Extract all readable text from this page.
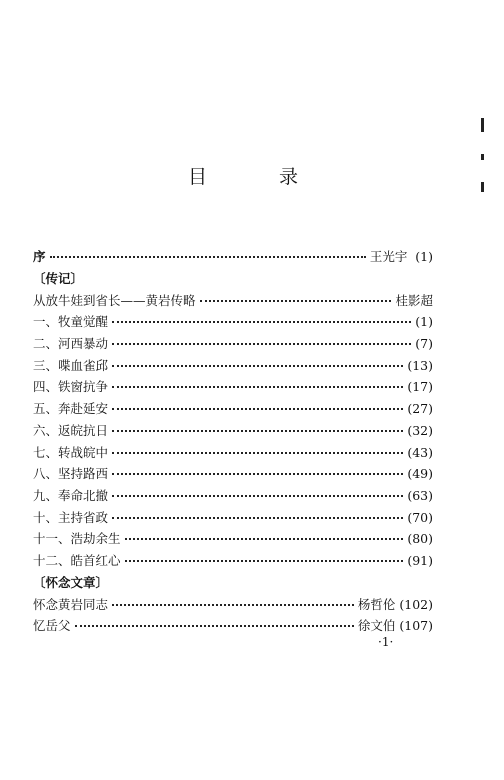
目	录
序	王光宇 (1)
〔传记〕
从放牛娃到省长——黄岩传略	桂影超
一、牧童觉醒	(1)
二、河西暴动	(7)
三、喋血雀邱	(13)
四、铁窗抗争	(17)
五、奔赴延安	(27)
六、返皖抗日	(32)
七、转战皖中	(43)
八、坚持路西	(49)
九、奉命北撤	(63)
十、主持省政	(70)
十一、浩劫余生	(80)
十二、皓首红心	(91)
〔怀念文章〕
怀念黄岩同志	杨哲伦 (102)
忆岳父	徐文伯 (107)
·1·
